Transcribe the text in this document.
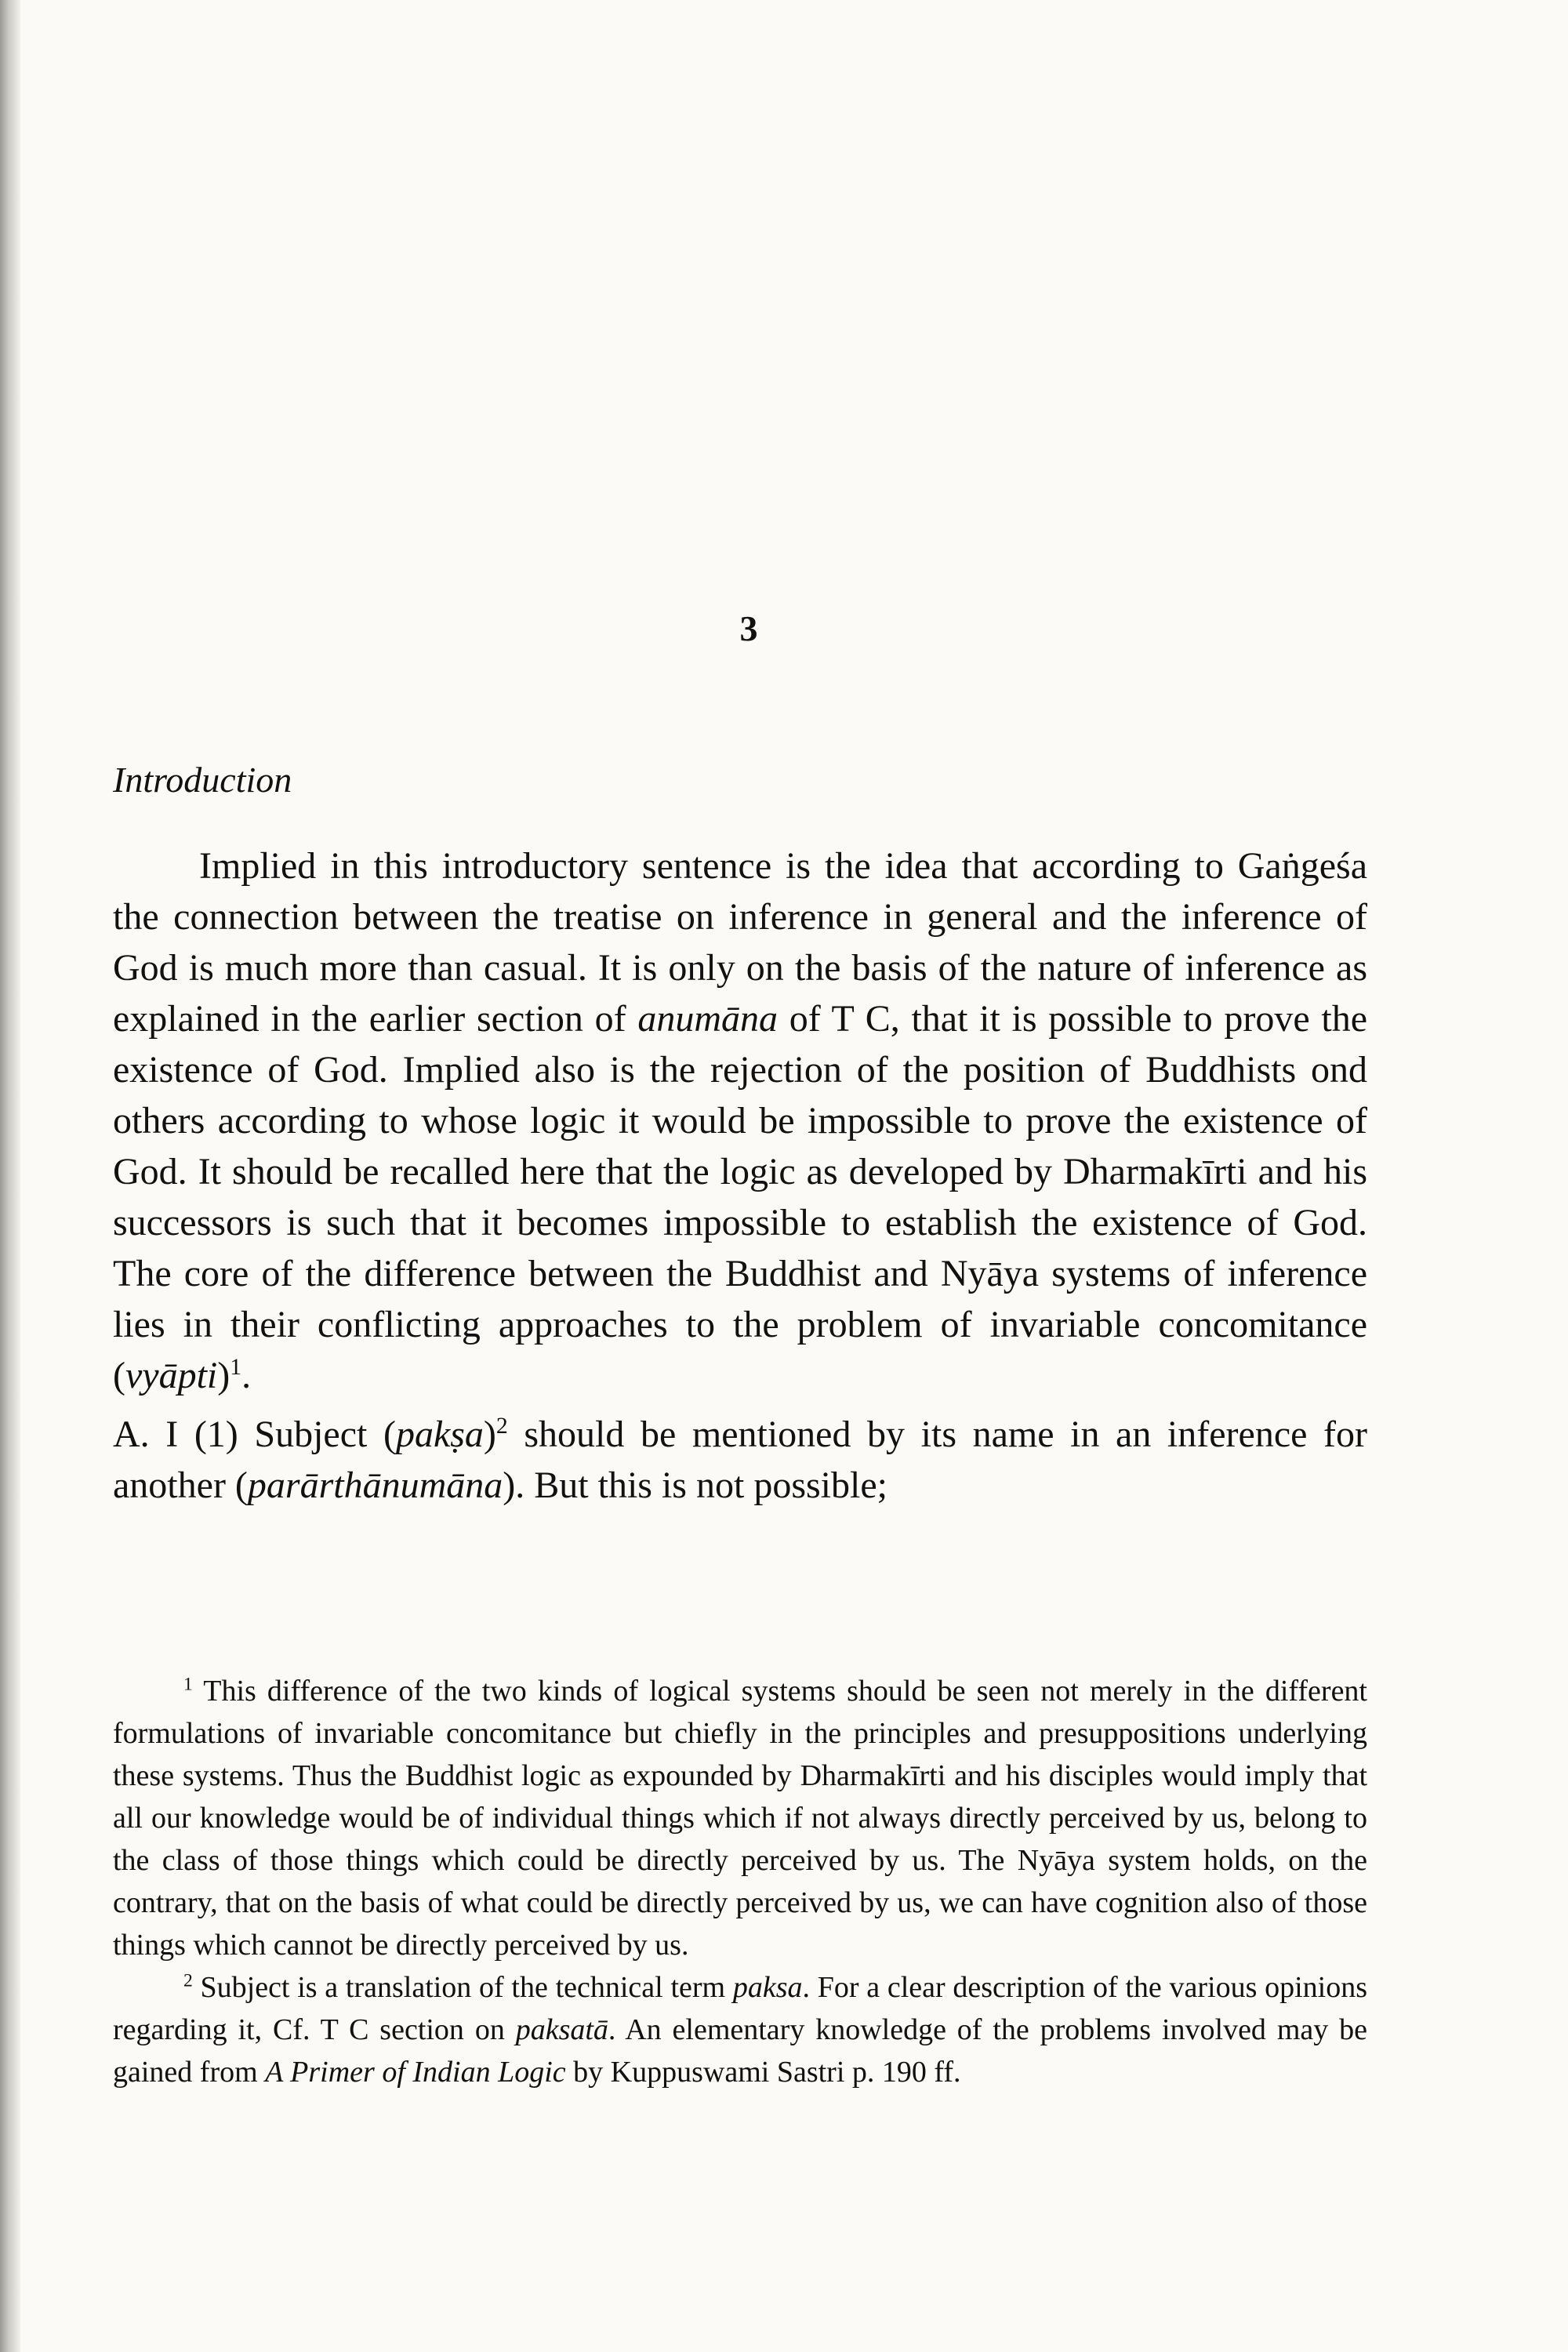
3
Introduction

Implied in this introductory sentence is the idea that according to Gaṅgeśa the connection between the treatise on inference in general and the inference of God is much more than casual. It is only on the basis of the nature of inference as explained in the earlier section of anumāna of T C, that it is possible to prove the existence of God. Implied also is the rejection of the position of Buddhists ond others according to whose logic it would be impossible to prove the existence of God. It should be recalled here that the logic as developed by Dharmakīrti and his successors is such that it becomes impossible to establish the existence of God. The core of the difference between the Buddhist and Nyāya systems of inference lies in their conflicting approaches to the problem of invariable concomitance (vyāpti)$^1$.

A. I (1) Subject (pakṣa)$^2$ should be mentioned by its name in an inference for another (parārthānumāna). But this is not possible;

$^1$ This difference of the two kinds of logical systems should be seen not merely in the different formulations of invariable concomitance but chiefly in the principles and presuppositions underlying these systems. Thus the Buddhist logic as expounded by Dharmakīrti and his disciples would imply that all our knowledge would be of individual things which if not always directly perceived by us, belong to the class of those things which could be directly perceived by us. The Nyāya system holds, on the contrary, that on the basis of what could be directly perceived by us, we can have cognition also of those things which cannot be directly perceived by us.

$^2$ Subject is a translation of the technical term paksa. For a clear description of the various opinions regarding it, Cf. T C section on paksatā. An elementary knowledge of the problems involved may be gained from A Primer of Indian Logic by Kuppuswami Sastri p. 190 ff.
